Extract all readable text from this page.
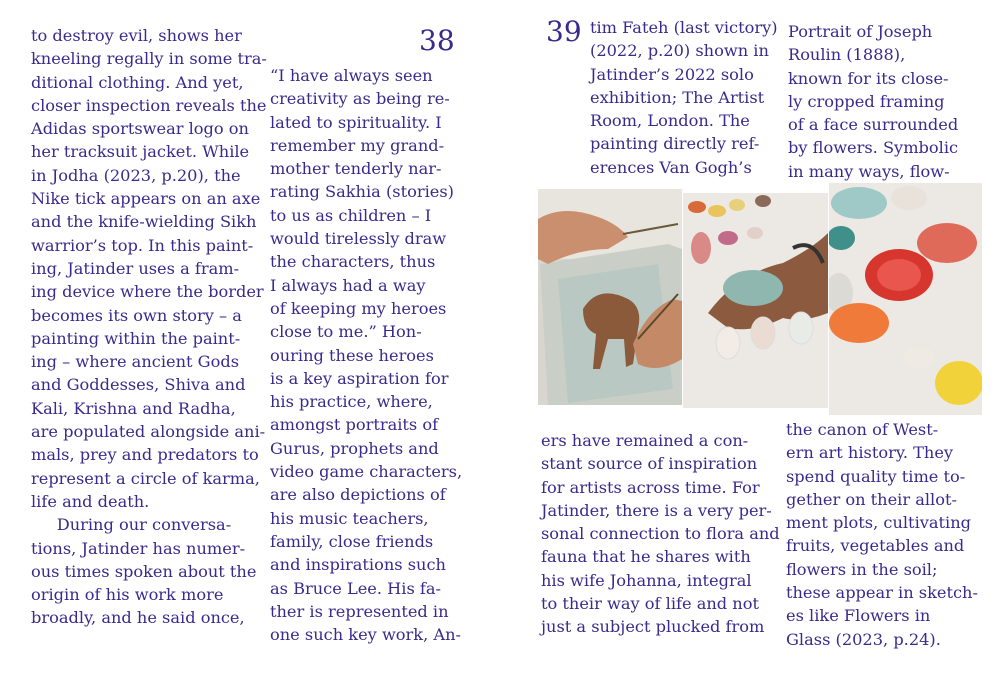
38

to destroy evil, shows her

kneeling regally in some tra-

ditional clothing. And yet,

closer inspection reveals the

Adidas sportswear logo on

her tracksuit jacket. While

in Jodha (2023, p.20), the

Nike tick appears on an axe

and the knife-wielding Sikh

warrior’s top. In this paint-

ing, Jatinder uses a fram-

ing device where the border

becomes its own story – a

painting within the paint-

ing – where ancient Gods

and Goddesses, Shiva and

Kali, Krishna and Radha,

are populated alongside ani-

mals, prey and predators to

represent a circle of karma,

life and death.

During our conversa-

tions, Jatinder has numer-

ous times spoken about the

origin of his work more

broadly, and he said once,

“I have always seen

creativity as being re-

lated to spirituality. I

remember my grand-

mother tenderly nar-

rating Sakhia (stories)

to us as children – I

would tirelessly draw

the characters, thus

I always had a way

of keeping my heroes

close to me.” Hon-

ouring these heroes

is a key aspiration for

his practice, where,

amongst portraits of

Gurus, prophets and

video game characters,

are also depictions of

his music teachers,

family, close friends

and inspirations such

as Bruce Lee. His fa-

ther is represented in

one such key work, An-

39 tim Fateh (last victory)

(2022, p.20) shown in

Jatinder’s 2022 solo

exhibition; The Artist

Room, London. The

painting directly ref-

erences Van Gogh’s

Portrait of Joseph

Roulin (1888),

known for its close-

ly cropped framing

of a face surrounded

by flowers. Symbolic

in many ways, flow-

ers have remained a con-

stant source of inspiration

for artists across time. For

Jatinder, there is a very per-

sonal connection to flora and

fauna that he shares with

his wife Johanna, integral

to their way of life and not

just a subject plucked from

the canon of West-

ern art history. They

spend quality time to-

gether on their allot-

ment plots, cultivating

fruits, vegetables and

flowers in the soil;

these appear in sketch-

es like Flowers in

Glass (2023, p.24).
